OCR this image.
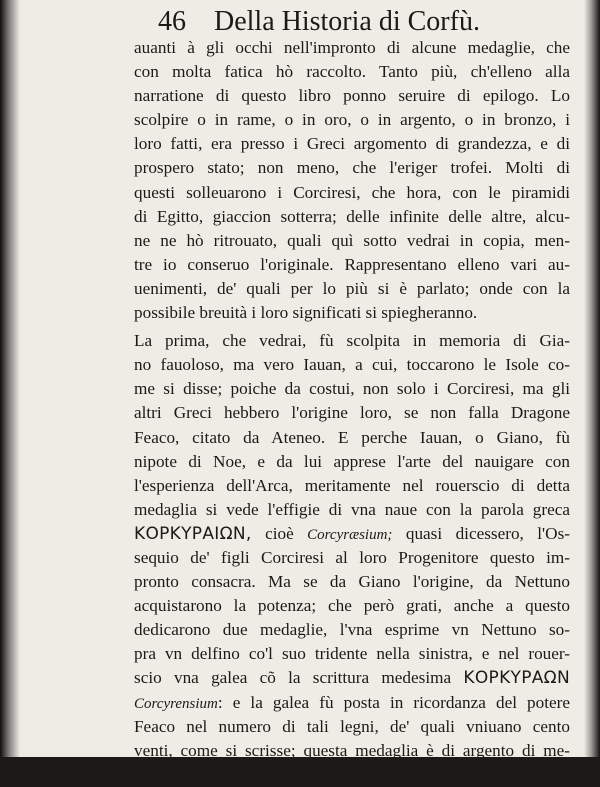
46 Della Historia di Corfù.
auanti à gli occhi nell'impronto di alcune medaglie, che
con molta fatica hò raccolto. Tanto più, ch'elleno alla
narratione di questo libro ponno seruire di epilogo. Lo
scolpire o in rame, o in oro, o in argento, o in bronzo, i
loro fatti, era presso i Greci argomento di grandezza, e di
prospero stato; non meno, che l'eriger trofei. Molti di
questi solleuarono i Corciresi, che hora, con le piramidi
di Egitto, giaccion sotterra; delle infinite delle altre, alcu-
ne ne hò ritrouato, quali quì sotto vedrai in copia, men-
tre io conseruo l'originale. Rappresentano elleno vari au-
uenimenti, de' quali per lo più si è parlato; onde con la
possibile breuità i loro significati si spiegheranno.
La prima, che vedrai, fù scolpita in memoria di Gia-
no fauoloso, ma vero Iauan, a cui, toccarono le Isole co-
me si disse; poiche da costui, non solo i Corciresi, ma gli
altri Greci hebbero l'origine loro, se non falla Dragone
Feaco, citato da Ateneo. E perche Iauan, o Giano, fù
nipote di Noe, e da lui apprese l'arte del nauigare con
l'esperienza dell'Arca, meritamente nel rouerscio di detta
medaglia si vede l'effigie di vna naue con la parola greca
ΚΟΡΚΥΡΑΙΩΝ, cioè Corcyræsium; quasi dicessero, l'Os-
sequio de' figli Corciresi al loro Progenitore questo im-
pronto consacra. Ma se da Giano l'origine, da Nettuno
acquistarono la potenza; che però grati, anche a questo
dedicarono due medaglie, l'vna esprime vn Nettuno so-
pra vn delfino co'l suo tridente nella sinistra, e nel rouer-
scio vna galea cõ la scrittura medesima ΚΟΡΚΥΡΑΩΝ
Corcyrensium: e la galea fù posta in ricordanza del potere
Feaco nel numero di tali legni, de' quali vniuano cento
venti, come si scrisse; questa medaglia è di argento di me-
diocre
